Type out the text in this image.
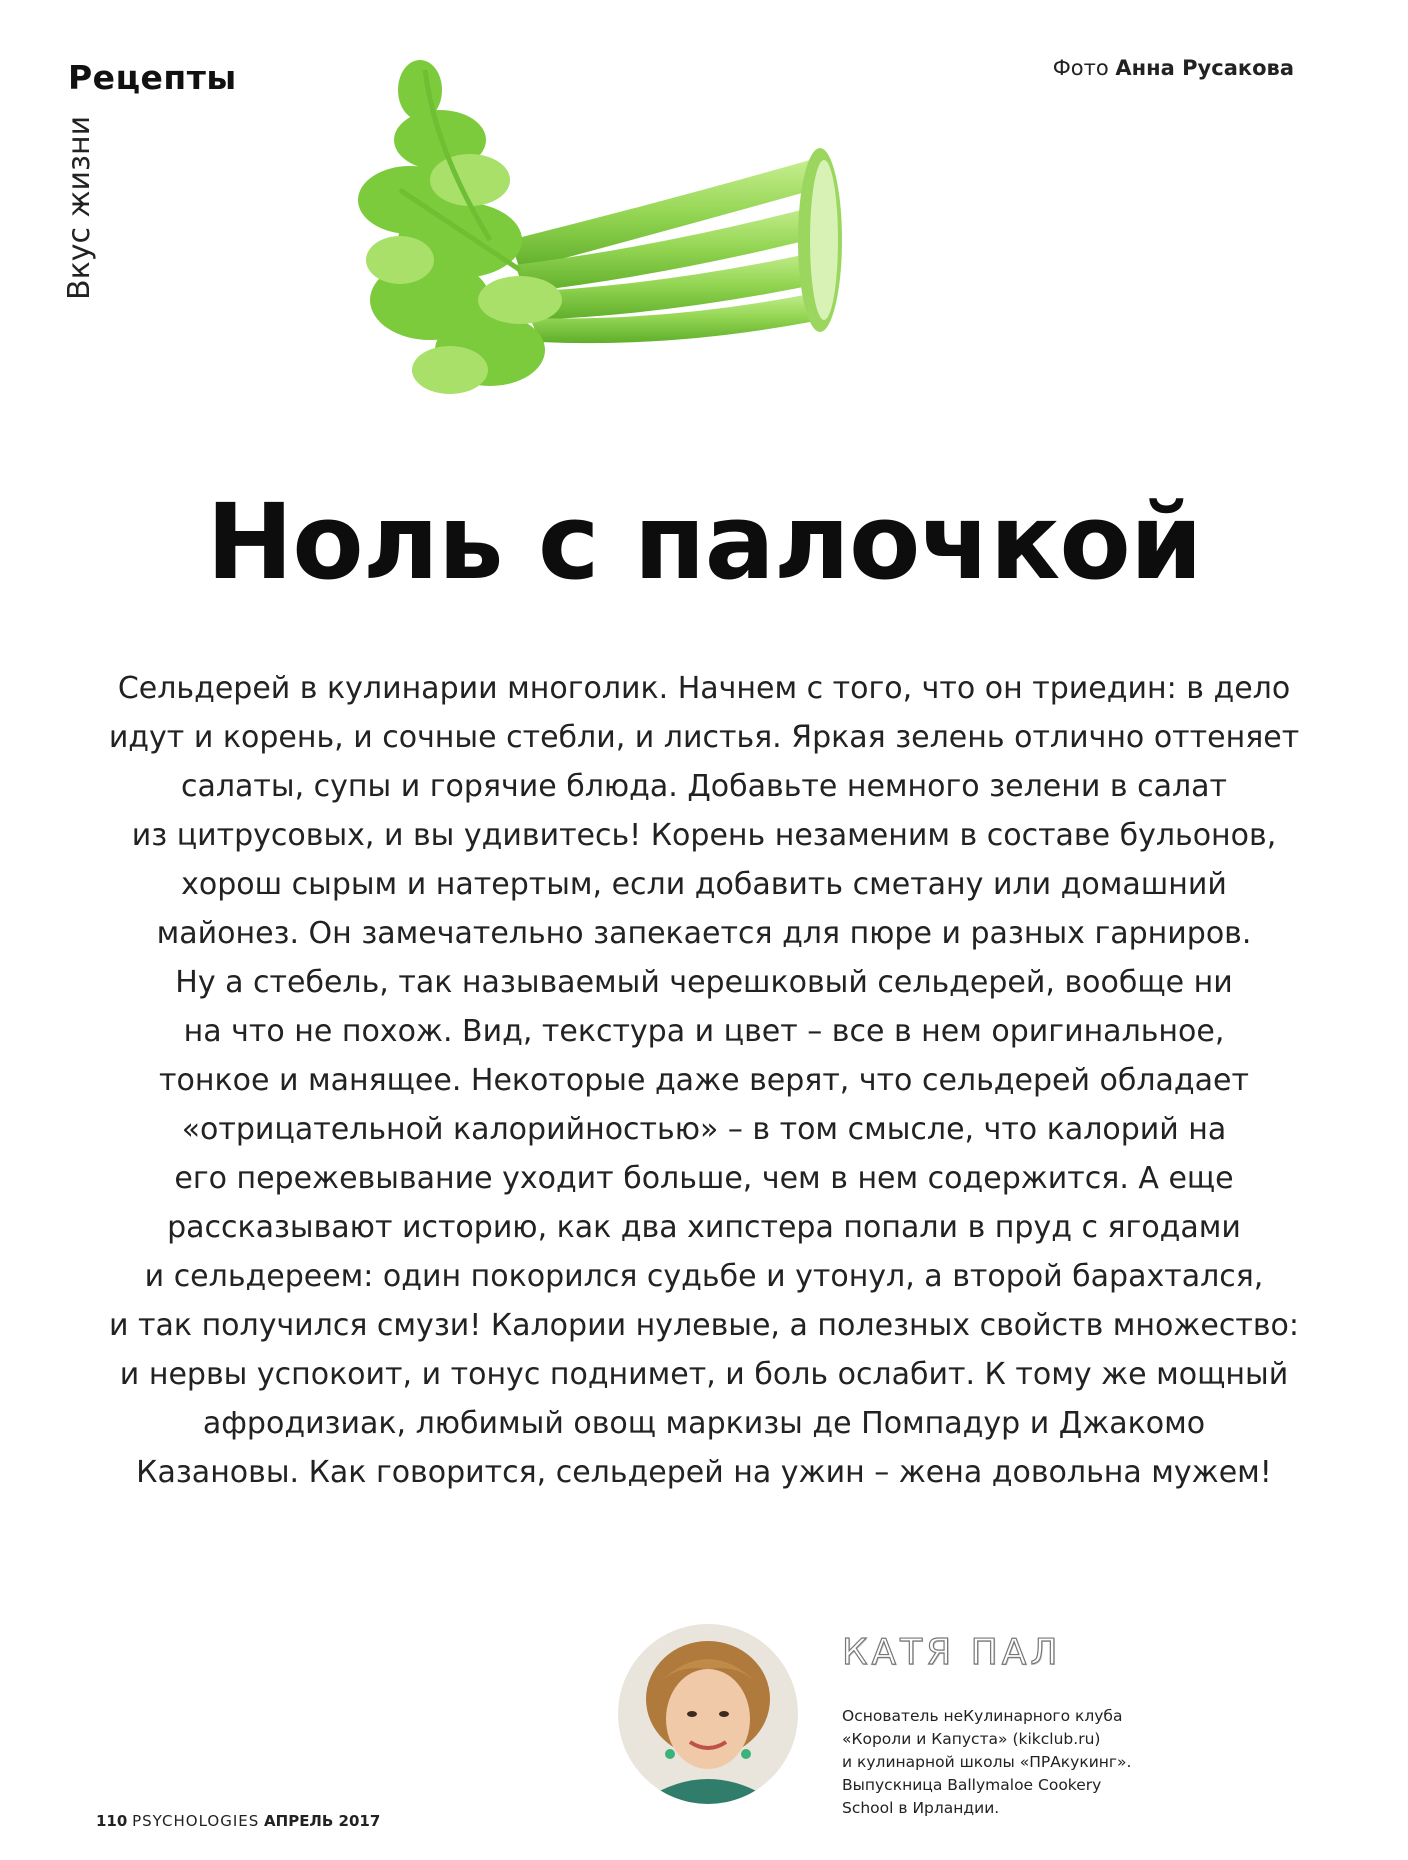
Рецепты
Вкус жизни
Фото Анна Русакова
Ноль с палочкой

Сельдерей в кулинарии многолик. Начнем с того, что он триедин: в дело
идут и корень, и сочные стебли, и листья. Яркая зелень отлично оттеняет
салаты, супы и горячие блюда. Добавьте немного зелени в салат
из цитрусовых, и вы удивитесь! Корень незаменим в составе бульонов,
хорош сырым и натертым, если добавить сметану или домашний
майонез. Он замечательно запекается для пюре и разных гарниров.
Ну а стебель, так называемый черешковый сельдерей, вообще ни
на что не похож. Вид, текстура и цвет – все в нем оригинальное,
тонкое и манящее. Некоторые даже верят, что сельдерей обладает
«отрицательной калорийностью» – в том смысле, что калорий на
его пережевывание уходит больше, чем в нем содержится. А еще
рассказывают историю, как два хипстера попали в пруд с ягодами
и сельдереем: один покорился судьбе и утонул, а второй барахтался,
и так получился смузи! Калории нулевые, а полезных свойств множество:
и нервы успокоит, и тонус поднимет, и боль ослабит. К тому же мощный
афродизиак, любимый овощ маркизы де Помпадур и Джакомо
Казановы. Как говорится, сельдерей на ужин – жена довольна мужем!

КАТЯ ПАЛ
Основатель неКулинарного клуба
«Короли и Капуста» (kikclub.ru)
и кулинарной школы «ПРАкукинг».
Выпускница Ballymaloe Cookery
School в Ирландии.
110 PSYCHOLOGIES АПРЕЛЬ 2017
